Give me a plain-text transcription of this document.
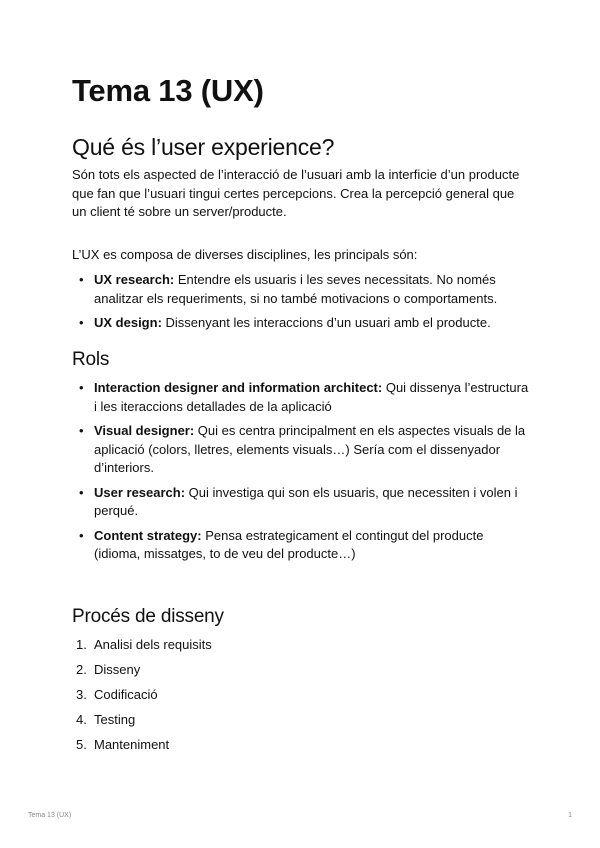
Tema 13 (UX)
Qué és l’user experience?

Són tots els aspected de l’interacció de l’usuari amb la interficie d’un producte que fan que l’usuari tingui certes percepcions. Crea la percepció general que un client té sobre un server/producte.

L’UX es composa de diverses disciplines, les principals són:

• UX research: Entendre els usuaris i les seves necessitats. No només analitzar els requeriments, si no també motivacions o comportaments.
• UX design: Dissenyant les interaccions d’un usuari amb el producte.
Rols
• Interaction designer and information architect: Qui dissenya l’estructura i les iteraccions detallades de la aplicació
• Visual designer: Qui es centra principalment en els aspectes visuals de la aplicació (colors, lletres, elements visuals…) Sería com el dissenyador d’interiors.
• User research: Qui investiga qui son els usuaris, que necessiten i volen i perqué.
• Content strategy: Pensa estrategicament el contingut del producte (idioma, missatges, to de veu del producte…)
Procés de disseny
1. Analisi dels requisits
2. Disseny
3. Codificació
4. Testing
5. Manteniment
Tema 13 (UX)	1
